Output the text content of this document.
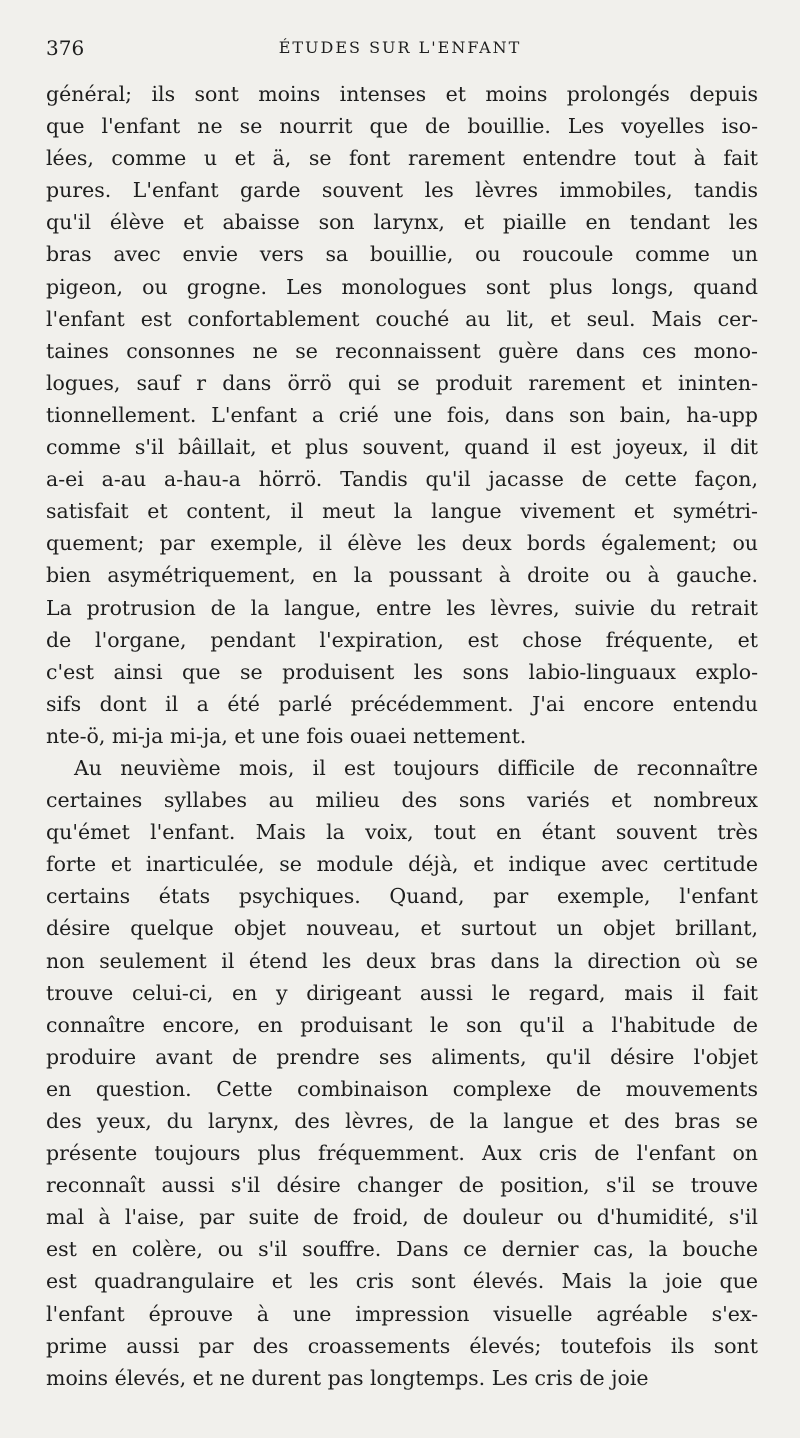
376	ÉTUDES SUR L'ENFANT
général; ils sont moins intenses et moins prolongés depuis
que l'enfant ne se nourrit que de bouillie. Les voyelles iso-
lées, comme u et ä, se font rarement entendre tout à fait
pures. L'enfant garde souvent les lèvres immobiles, tandis
qu'il élève et abaisse son larynx, et piaille en tendant les
bras avec envie vers sa bouillie, ou roucoule comme un
pigeon, ou grogne. Les monologues sont plus longs, quand
l'enfant est confortablement couché au lit, et seul. Mais cer-
taines consonnes ne se reconnaissent guère dans ces mono-
logues, sauf r dans örrö qui se produit rarement et ininten-
tionnellement. L'enfant a crié une fois, dans son bain, ha-upp
comme s'il bâillait, et plus souvent, quand il est joyeux, il dit
a-ei a-au a-hau-a hörrö. Tandis qu'il jacasse de cette façon,
satisfait et content, il meut la langue vivement et symétri-
quement; par exemple, il élève les deux bords également; ou
bien asymétriquement, en la poussant à droite ou à gauche.
La protrusion de la langue, entre les lèvres, suivie du retrait
de l'organe, pendant l'expiration, est chose fréquente, et
c'est ainsi que se produisent les sons labio-linguaux explo-
sifs dont il a été parlé précédemment. J'ai encore entendu
nte-ö, mi-ja mi-ja, et une fois ouaei nettement.
Au neuvième mois, il est toujours difficile de reconnaître
certaines syllabes au milieu des sons variés et nombreux
qu'émet l'enfant. Mais la voix, tout en étant souvent très
forte et inarticulée, se module déjà, et indique avec certitude
certains états psychiques. Quand, par exemple, l'enfant
désire quelque objet nouveau, et surtout un objet brillant,
non seulement il étend les deux bras dans la direction où se
trouve celui-ci, en y dirigeant aussi le regard, mais il fait
connaître encore, en produisant le son qu'il a l'habitude de
produire avant de prendre ses aliments, qu'il désire l'objet
en question. Cette combinaison complexe de mouvements
des yeux, du larynx, des lèvres, de la langue et des bras se
présente toujours plus fréquemment. Aux cris de l'enfant on
reconnaît aussi s'il désire changer de position, s'il se trouve
mal à l'aise, par suite de froid, de douleur ou d'humidité, s'il
est en colère, ou s'il souffre. Dans ce dernier cas, la bouche
est quadrangulaire et les cris sont élevés. Mais la joie que
l'enfant éprouve à une impression visuelle agréable s'ex-
prime aussi par des croassements élevés; toutefois ils sont
moins élevés, et ne durent pas longtemps. Les cris de joie
